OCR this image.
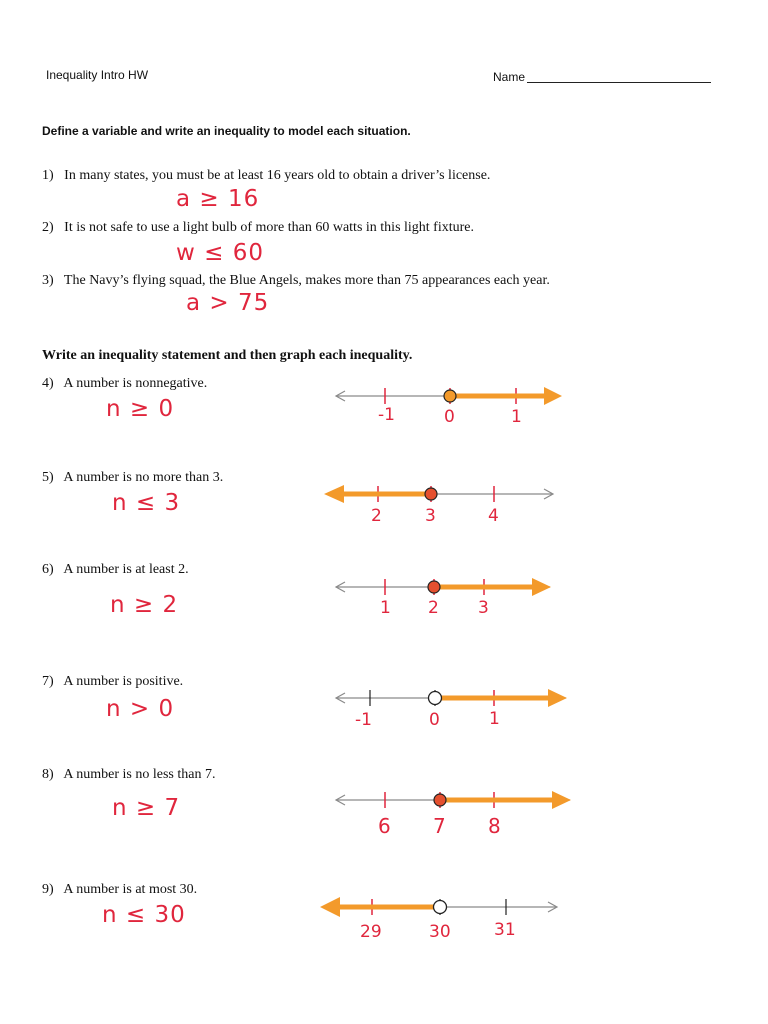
Inequality Intro HW	Name
Define a variable and write an inequality to model each situation.
1) In many states, you must be at least 16 years old to obtain a driver’s license.
a ≥ 16
2) It is not safe to use a light bulb of more than 60 watts in this light fixture.
w ≤ 60
3) The Navy’s flying squad, the Blue Angels, makes more than 75 appearances each year.
a > 75
Write an inequality statement and then graph each inequality.
4) A number is nonnegative.
n ≥ 0
5) A number is no more than 3.
n ≤ 3
6) A number is at least 2.
n ≥ 2
7) A number is positive.
n > 0
8) A number is no less than 7.
n ≥ 7
9) A number is at most 30.
n ≤ 30
-1	0	1
2	3	4
1 2 3
-1	0	1
6 7 8
29	30	31
